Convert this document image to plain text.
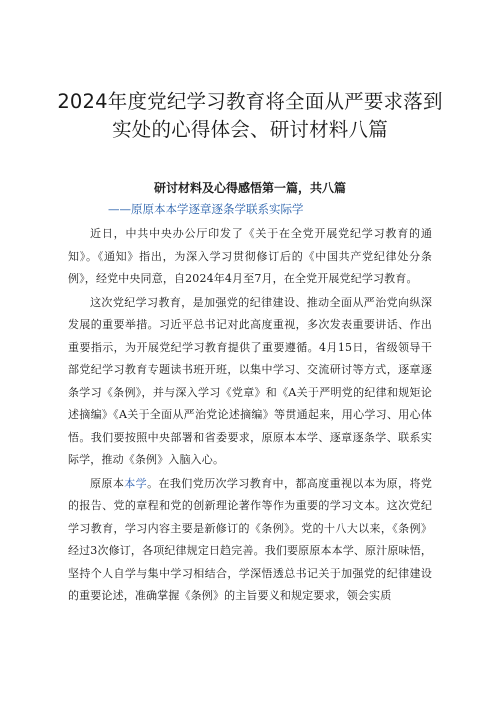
2024年度党纪学习教育将全面从严要求落到
实处的心得体会、研讨材料八篇
研讨材料及心得感悟第一篇，共八篇
——原原本本学逐章逐条学联系实际学

近日，中共中央办公厅印发了《关于在全党开展党纪学习教育的通知》。《通知》指出，为深入学习贯彻修订后的《中国共产党纪律处分条例》，经党中央同意，自2024年4月至7月，在全党开展党纪学习教育。

这次党纪学习教育，是加强党的纪律建设、推动全面从严治党向纵深发展的重要举措。习近平总书记对此高度重视，多次发表重要讲话、作出重要指示，为开展党纪学习教育提供了重要遵循。4月15日，省级领导干部党纪学习教育专题读书班开班，以集中学习、交流研讨等方式，逐章逐条学习《条例》，并与深入学习《党章》和《A关于严明党的纪律和规矩论述摘编》《A关于全面从严治党论述摘编》等贯通起来，用心学习、用心体悟。我们要按照中央部署和省委要求，原原本本学、逐章逐条学、联系实际学，推动《条例》入脑入心。

原原本本学。在我们党历次学习教育中，都高度重视以本为原，将党的报告、党的章程和党的创新理论著作等作为重要的学习文本。这次党纪学习教育，学习内容主要是新修订的《条例》。党的十八大以来，《条例》经过3次修订，各项纪律规定日趋完善。我们要原原本本学、原汁原味悟，坚持个人自学与集中学习相结合，学深悟透总书记关于加强党的纪律建设的重要论述，准确掌握《条例》的主旨要义和规定要求，领会实质
